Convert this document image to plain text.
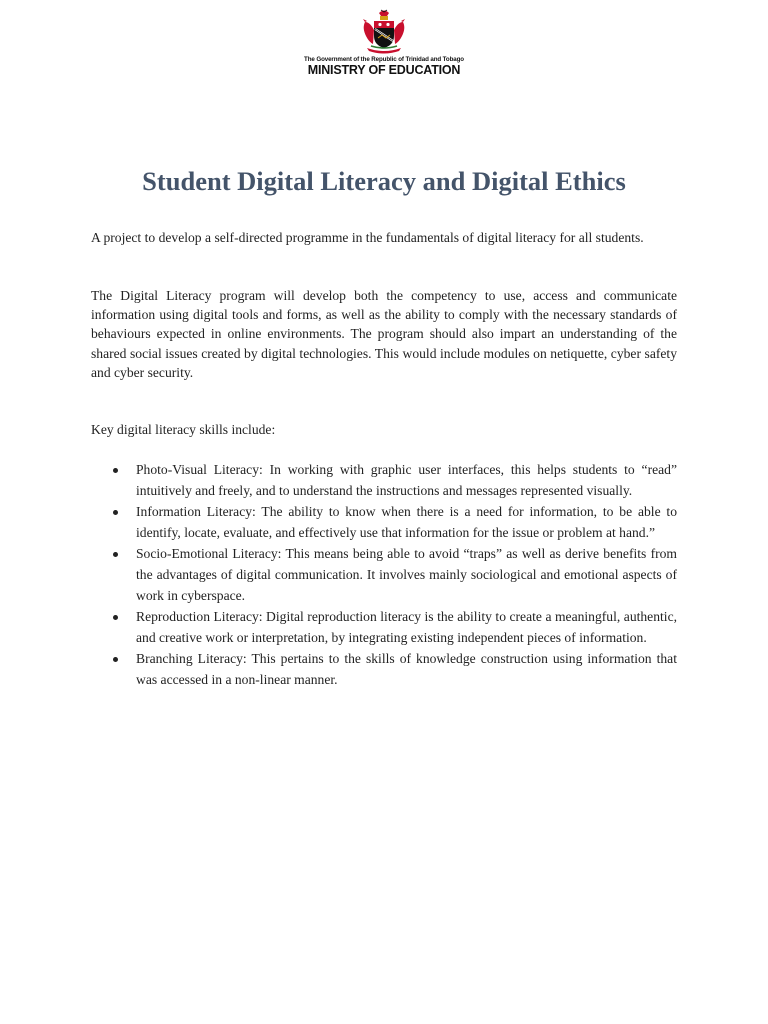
The Government of the Republic of Trinidad and Tobago
MINISTRY OF EDUCATION
Student Digital Literacy and Digital Ethics

A project to develop a self-directed programme in the fundamentals of digital literacy for all students.

The Digital Literacy program will develop both the competency to use, access and communicate information using digital tools and forms, as well as the ability to comply with the necessary standards of behaviours expected in online environments. The program should also impart an understanding of the shared social issues created by digital technologies. This would include modules on netiquette, cyber safety and cyber security.

Key digital literacy skills include:

Photo-Visual Literacy: In working with graphic user interfaces, this helps students to “read” intuitively and freely, and to understand the instructions and messages represented visually.
Information Literacy: The ability to know when there is a need for information, to be able to identify, locate, evaluate, and effectively use that information for the issue or problem at hand.”
Socio-Emotional Literacy: This means being able to avoid “traps” as well as derive benefits from the advantages of digital communication. It involves mainly sociological and emotional aspects of work in cyberspace.
Reproduction Literacy: Digital reproduction literacy is the ability to create a meaningful, authentic, and creative work or interpretation, by integrating existing independent pieces of information.
Branching Literacy: This pertains to the skills of knowledge construction using information that was accessed in a non-linear manner.
